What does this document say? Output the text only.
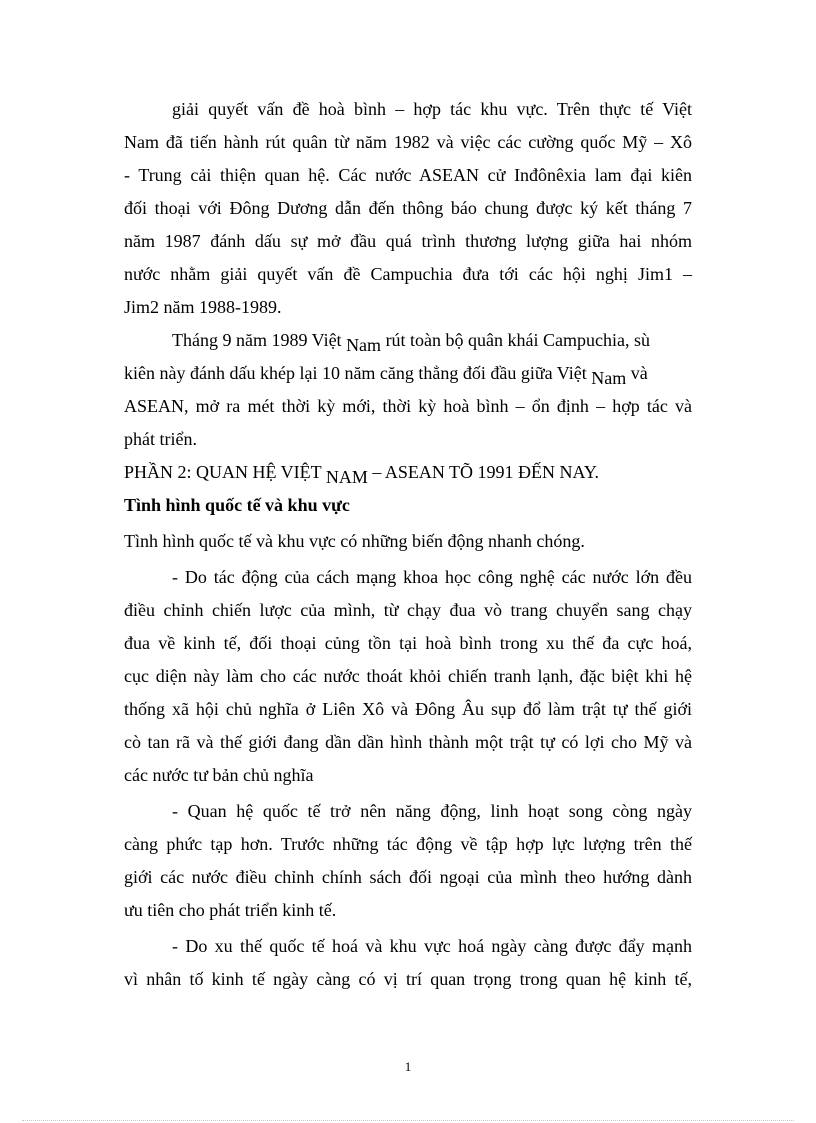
giải quyết vấn đề hoà bình – hợp tác khu vực. Trên thực tế Việt
Nam đã tiến hành rút quân từ năm 1982 và việc các cường quốc Mỹ – Xô
- Trung cải thiện quan hệ. Các nước ASEAN cử Inđônêxia lam đại kiên
đối thoại với Đông Dương dẫn đến thông báo chung được ký kết tháng 7
năm 1987 đánh dấu sự mở đầu quá trình thương lượng giữa hai nhóm
nước nhằm giải quyết vấn đề Campuchia đưa tới các hội nghị Jim1 –
Jim2 năm 1988-1989.
Tháng 9 năm 1989 Việt Nam rút toàn bộ quân khái Campuchia, sù
kiên này đánh dấu khép lại 10 năm căng thẳng đối đầu giữa Việt Nam và
ASEAN, mở ra mét thời kỳ mới, thời kỳ hoà bình – ổn định – hợp tác và
phát triển.
PHẦN 2: QUAN HỆ VIỆT NAM – ASEAN TÕ 1991 ĐẾN NAY.
Tình hình quốc tế và khu vực
Tình hình quốc tế và khu vực có những biến động nhanh chóng.
- Do tác động của cách mạng khoa học công nghệ các nước lớn đều
điều chỉnh chiến lược của mình, từ chạy đua vò trang chuyển sang chạy
đua về kinh tế, đối thoại củng tồn tại hoà bình trong xu thế đa cực hoá,
cục diện này làm cho các nước thoát khỏi chiến tranh lạnh, đặc biệt khi hệ
thống xã hội chủ nghĩa ở Liên Xô và Đông Âu sụp đổ làm trật tự thế giới
cò tan rã và thế giới đang dần dần hình thành một trật tự có lợi cho Mỹ và
các nước tư bản chủ nghĩa
- Quan hệ quốc tế trở nên năng động, linh hoạt song còng ngày
càng phức tạp hơn. Trước những tác động về tập hợp lực lượng trên thế
giới các nước điều chỉnh chính sách đối ngoại của mình theo hướng dành
ưu tiên cho phát triển kinh tế.
- Do xu thế quốc tế hoá và khu vực hoá ngày càng được đẩy mạnh
vì nhân tố kinh tế ngày càng có vị trí quan trọng trong quan hệ kinh tế,
1
